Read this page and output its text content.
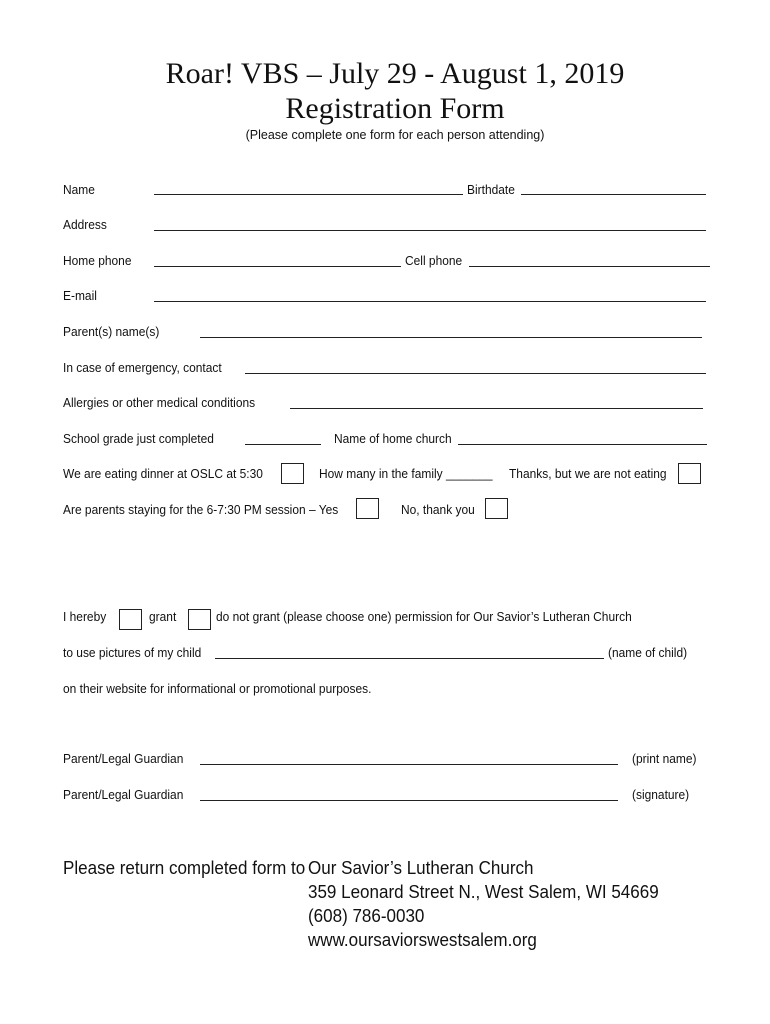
Roar! VBS – July 29 - August 1, 2019
Registration Form
(Please complete one form for each person attending)
Name	Birthdate
Address
Home phone	Cell phone
E-mail
Parent(s) name(s)
In case of emergency, contact
Allergies or other medical conditions
School grade just completed	Name of home church
We are eating dinner at OSLC at 5:30	How many in the family _______ Thanks, but we are not eating
Are parents staying for the 6-7:30 PM session – Yes	No, thank you
I hereby	grant	do not grant (please choose one) permission for Our Savior’s Lutheran Church
to use pictures of my child	(name of child)
on their website for informational or promotional purposes.
Parent/Legal Guardian	(print name)
Parent/Legal Guardian	(signature)
Please return completed form to Our Savior’s Lutheran Church
359 Leonard Street N., West Salem, WI 54669
(608) 786-0030
www.oursaviorswestsalem.org
